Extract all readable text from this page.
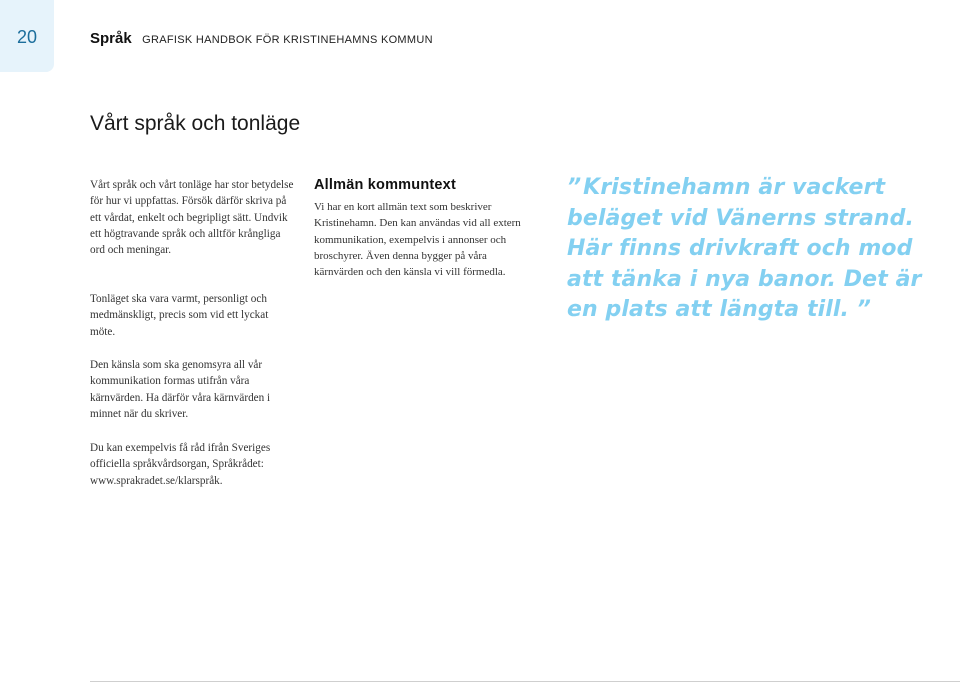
20	Språk GRAFISK HANDBOK FÖR KRISTINEHAMNS KOMMUN
Vårt språk och tonläge

Vårt språk och vårt tonläge har stor betydelse för hur vi uppfattas. Försök därför skriva på ett vårdat, enkelt och begripligt sätt. Undvik ett högtravande språk och alltför krångliga ord och meningar.

Tonläget ska vara varmt, personligt och medmänskligt, precis som vid ett lyckat möte.

Den känsla som ska genomsyra all vår kommunikation formas utifrån våra kärnvärden. Ha därför våra kärnvärden i minnet när du skriver.

Du kan exempelvis få råd ifrån Sveriges officiella språkvårdsorgan, Språkrådet: www.sprakradet.se/klarspråk.

Allmän kommuntext

Vi har en kort allmän text som beskriver Kristinehamn. Den kan användas vid all extern kommunikation, exempelvis i annonser och broschyrer. Även denna bygger på våra kärnvärden och den känsla vi vill förmedla.

” Kristinehamn är vackert beläget vid Vänerns strand. Här finns drivkraft och mod att tänka i nya banor. Det är en plats att längta till. ”
